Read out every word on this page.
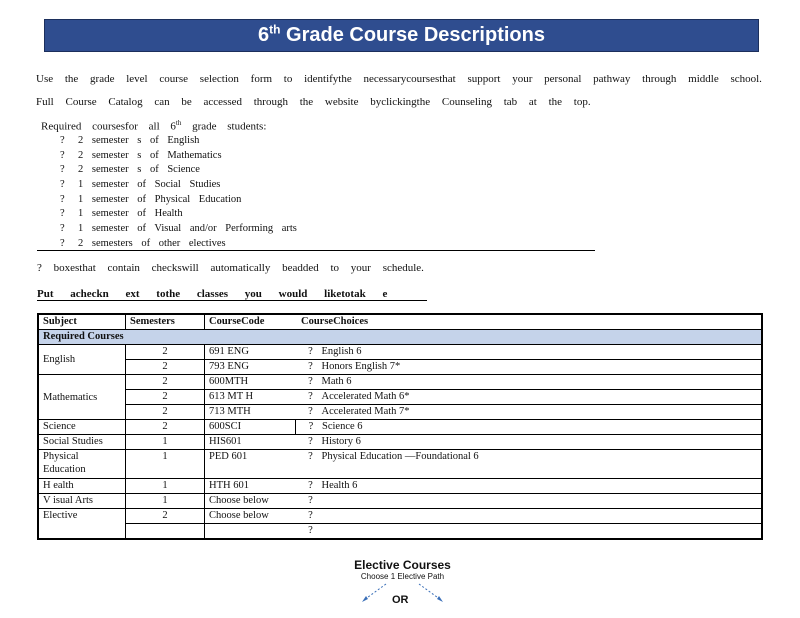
6th Grade Course Descriptions
Use the grade level course selection form to identifythe necessarycoursesthat support your personal pathway through middle school.
Full Course Catalog can be accessed through the website byclickingthe Counseling tab at the top.
Required coursesfor all 6th grade students:
? 2 semester s of English
? 2 semester s of Mathematics
? 2 semester s of Science
? 1 semester of Social Studies
? 1 semester of Physical Education
? 1 semester of Health
? 1 semester of Visual and/or Performing arts
? 2 semesters of other electives
? boxesthat contain checkswill automatically beadded to your schedule.
Put acheckn ext tothe classes you would liketotak e
Subject	Semesters	CourseCode CourseChoices	
Required Courses			
English	2	691 ENG	? English 6
	2	793 ENG	? Honors English 7*
Mathematics	2	600MTH	? Math 6
	2	613 MT H	? Accelerated Math 6*
	2	713 MTH	? Accelerated Math 7*
Science	2	600SCI	? Science 6
Social Studies	1	HIS601	? History 6
Physical Education	1	PED 601	? Physical Education —Foundational 6
H ealth	1	HTH 601	? Health 6
V isual Arts	1	Choose below	?
Elective	2	Choose below	?
			?
Elective Courses
Choose 1 Elective Path
OR
